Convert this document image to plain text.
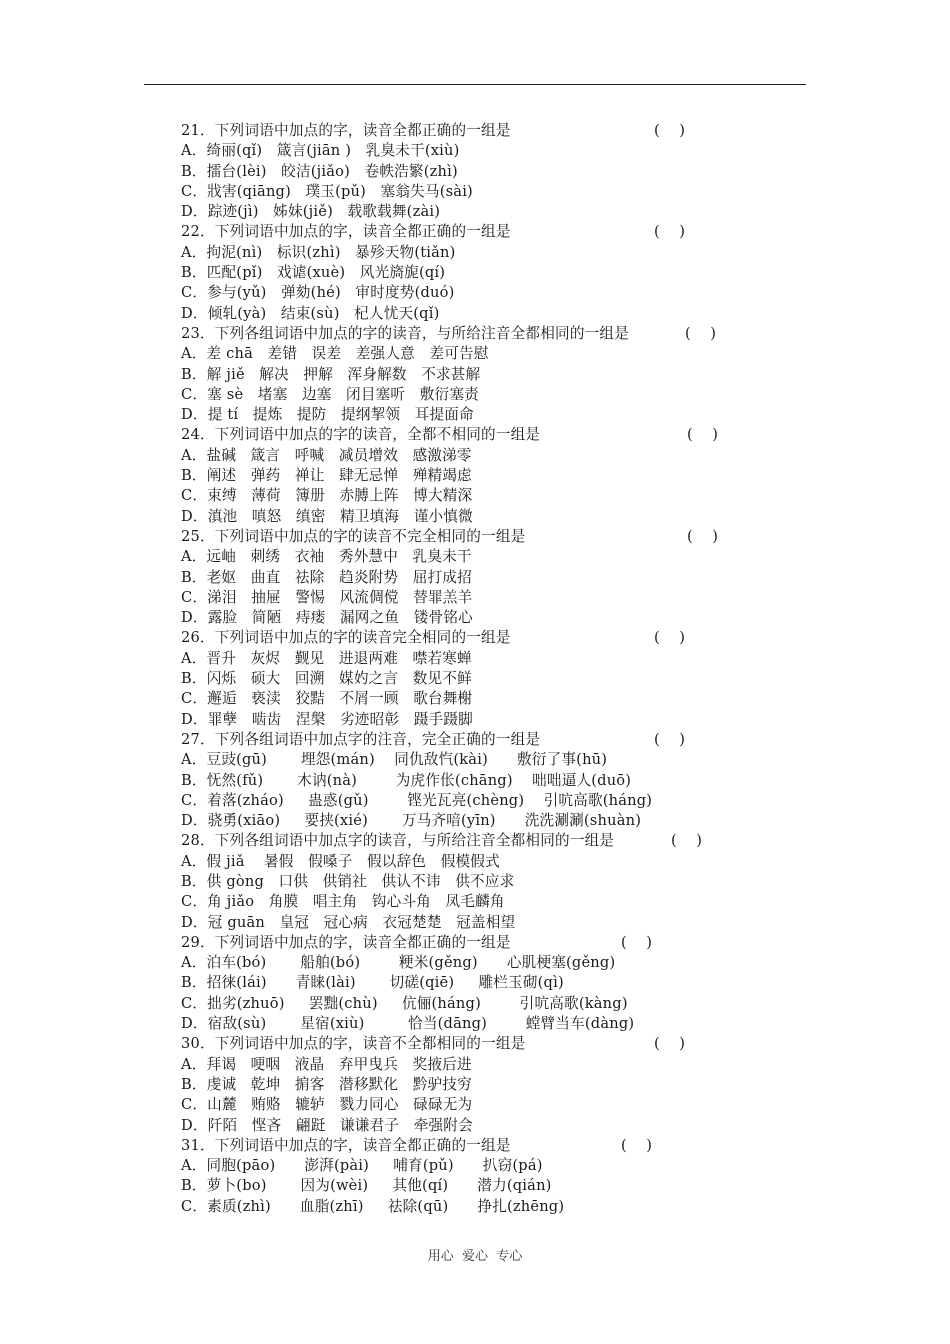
21．下列词语中加点的字，读音全都正确的一组是	(    )
A．绮丽(qǐ)   箴言(jiān )   乳臭未干(xiù)
B．擂台(lèi)   皎洁(jiǎo)   卷帙浩繁(zhì)
C．戕害(qiāng)   璞玉(pǔ)   塞翁失马(sài)
D．踪迹(jì)   姊妹(jiě)   载歌载舞(zài)
22．下列词语中加点的字，读音全都正确的一组是	(    )
A．拘泥(nì)   标识(zhì)   暴殄天物(tiǎn)
B．匹配(pǐ)   戏谑(xuè)   风光旖旎(qí)
C．参与(yǔ)   弹劾(hé)   审时度势(duó)
D．倾轧(yà)   结束(sù)   杞人忧天(qǐ)
23．下列各组词语中加点的字的读音，与所给注音全都相同的一组是	(    )
A．差 chā   差错   误差   差强人意   差可告慰
B．解 jiě   解决   押解   浑身解数   不求甚解
C．塞 sè   堵塞   边塞   闭目塞听   敷衍塞责
D．提 tí   提炼   提防   提纲挈领   耳提面命
24．下列词语中加点的字的读音，全都不相同的一组是	(    )
A．盐碱   箴言   呼喊   减员增效   感激涕零
B．阐述   弹药   禅让   肆无忌惮   殚精竭虑
C．束缚   薄荷   簿册   赤膊上阵   博大精深
D．滇池   嗔怒   缜密   精卫填海   谨小慎微
25．下列词语中加点的字的读音不完全相同的一组是	(    )
A．远岫   刺绣   衣袖   秀外慧中   乳臭未干
B．老妪   曲直   祛除   趋炎附势   屈打成招
C．涕泪   抽屉   警惕   风流倜傥   替罪羔羊
D．露脸   简陋   痔瘘   漏网之鱼   镂骨铭心
26．下列词语中加点的字的读音完全相同的一组是	(    )
A．晋升   灰烬   觐见   进退两难   噤若寒蝉
B．闪烁   硕大   回溯   媒妁之言   数见不鲜
C．邂逅   亵渎   狡黠   不屑一顾   歌台舞榭
D．罪孽   啮齿   涅槃   劣迹昭彰   蹑手蹑脚
27．下列各组词语中加点字的注音，完全正确的一组是	(    )
A．豆豉(gū)       埋怨(mán)    同仇敌忾(kài)      敷衍了事(hū)
B．怃然(fǔ)       木讷(nà)        为虎作伥(chāng)    咄咄逼人(duō)
C．着落(zháo)     蛊惑(gǔ)        铿光瓦亮(chèng)    引吭高歌(háng)
D．骁勇(xiāo)     要挟(xié)       万马齐喑(yīn)      洗洗涮涮(shuàn)
28．下列各组词语中加点字的读音，与所给注音全都相同的一组是	(    )
A．假 jiǎ    暑假   假嗓子   假以辞色   假模假式
B．供 gòng   口供   供销社   供认不讳   供不应求
C．角 jiǎo   角膜   唱主角   钩心斗角   凤毛麟角
D．冠 guān   皇冠   冠心病   衣冠楚楚   冠盖相望
29．下列词语中加点的字，读音全都正确的一组是	(    )
A．泊车(bó)       船舶(bó)        粳米(gěng)      心肌梗塞(gěng)
B．招徕(lái)      青睐(lài)       切磋(qiē)     雕栏玉砌(qì)
C．拙劣(zhuō)     罢黜(chù)     伉俪(háng)        引吭高歌(kàng)
D．宿敌(sù)       星宿(xiù)         恰当(dāng)        螳臂当车(dàng)
30．下列词语中加点的字，读音不全都相同的一组是	(    )
A．拜谒   哽咽   液晶   弃甲曳兵   奖掖后进
B．虔诚   乾坤   掮客   潜移默化   黔驴技穷
C．山麓   贿赂   辘轳   戮力同心   碌碌无为
D．阡陌   悭吝   翩跹   谦谦君子   牵强附会
31．下列词语中加点的字，读音全都正确的一组是	(    )
A．同胞(pāo)      澎湃(pài)     哺育(pǔ)      扒窃(pá)
B．萝卜(bo)       因为(wèi)     其他(qí)      潜力(qián)
C．素质(zhì)      血脂(zhī)     祛除(qū)      挣扎(zhēng)
用心  爱心  专心
